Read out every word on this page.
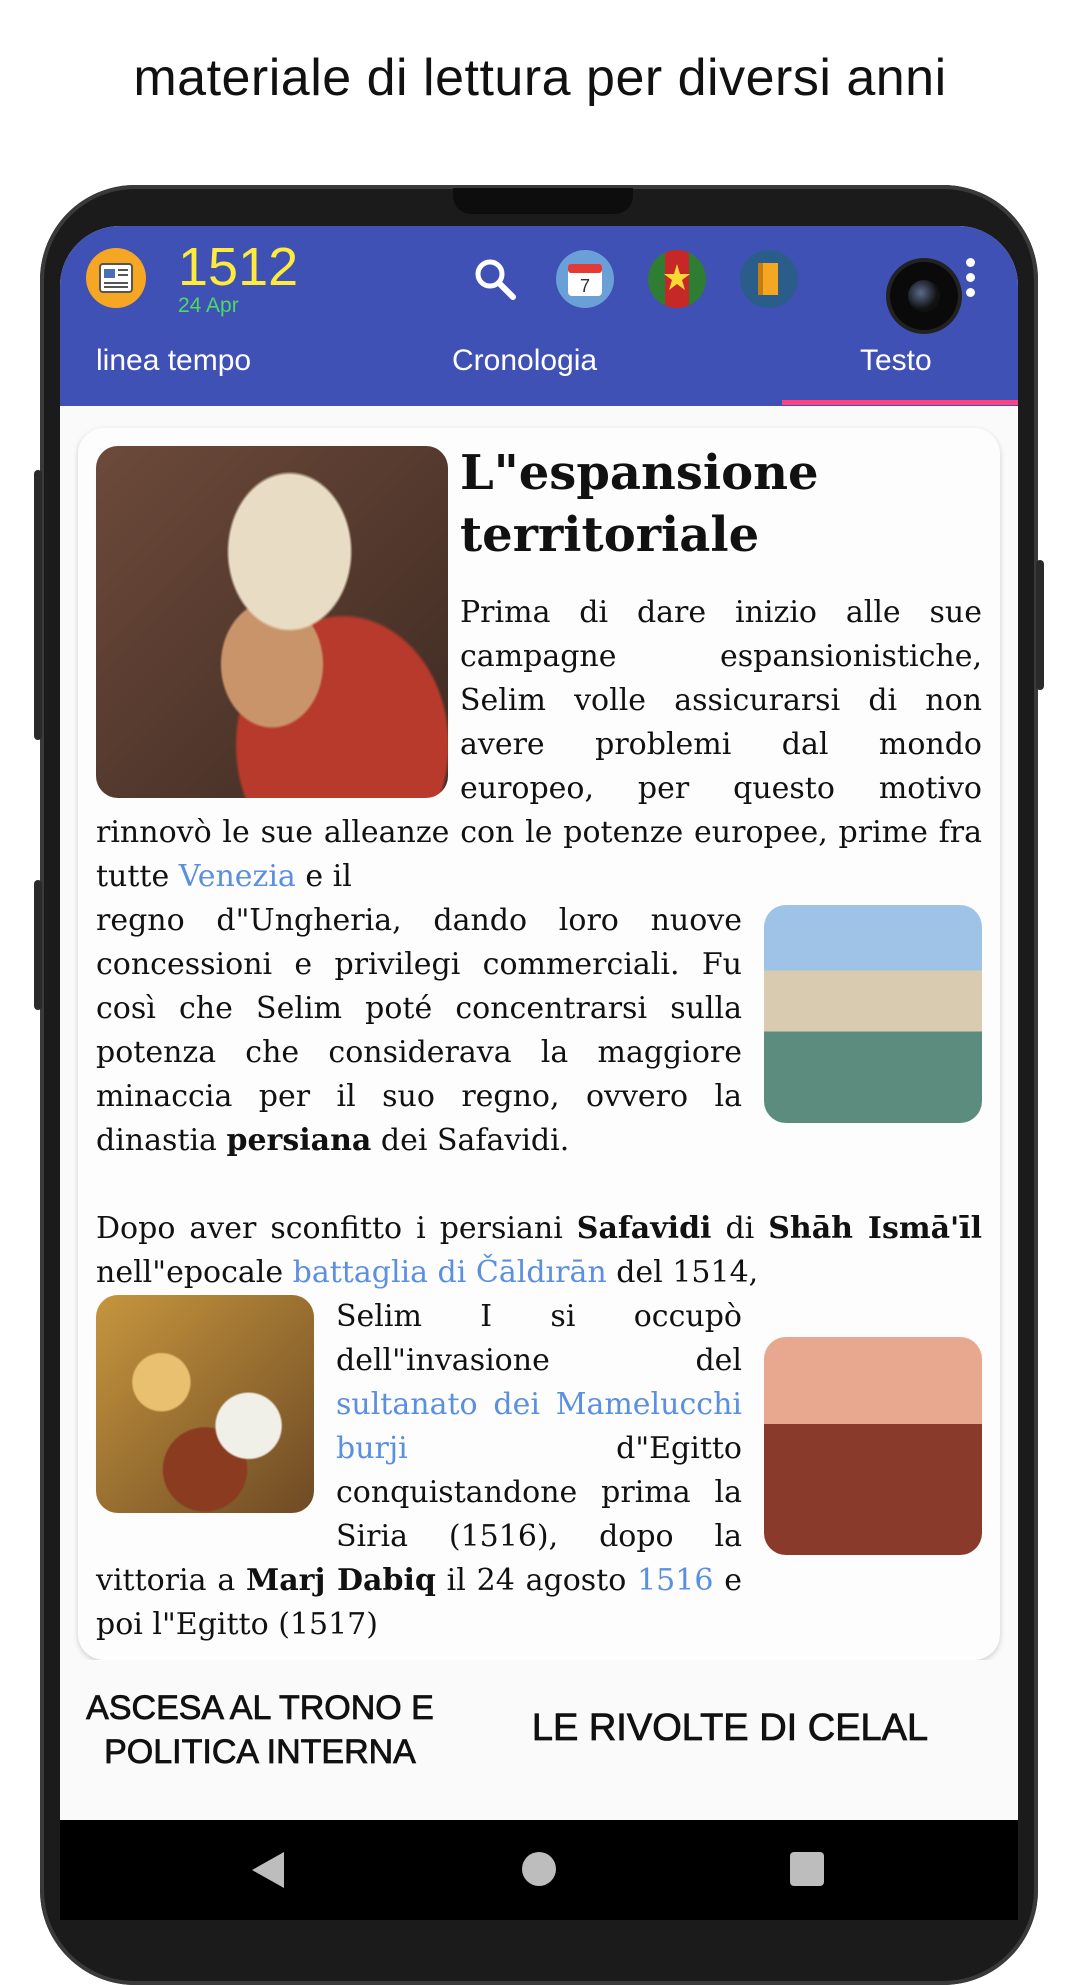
materiale di lettura per diversi anni
1512
24 Apr
7
linea tempo	Cronologia	Testo
L"espansione
territoriale

Prima di dare inizio alle sue campagne espansionistiche, Selim volle assicurarsi di non avere problemi dal mondo europeo, per questo motivo rinnovò le sue alleanze con le potenze europee, prime fra tutte Venezia e il

regno d"Ungheria, dando loro nuove concessioni e privilegi commerciali. Fu così che Selim poté concentrarsi sulla potenza che considerava la maggiore minaccia per il suo regno, ovvero la dinastia persiana dei Safavidi.

Dopo aver sconfitto i persiani Safavidi di Shāh Ismā'īl nell"epocale battaglia di Čāldırān del 1514,

Selim I si occupò dell"invasione del sultanato dei Mamelucchi burji d"Egitto conquistandone prima la Siria (1516), dopo la vittoria a Marj Dabiq il 24 agosto 1516 e poi l"Egitto (1517)

ASCESA AL TRONO E
POLITICA INTERNA
LE RIVOLTE DI CELAL
